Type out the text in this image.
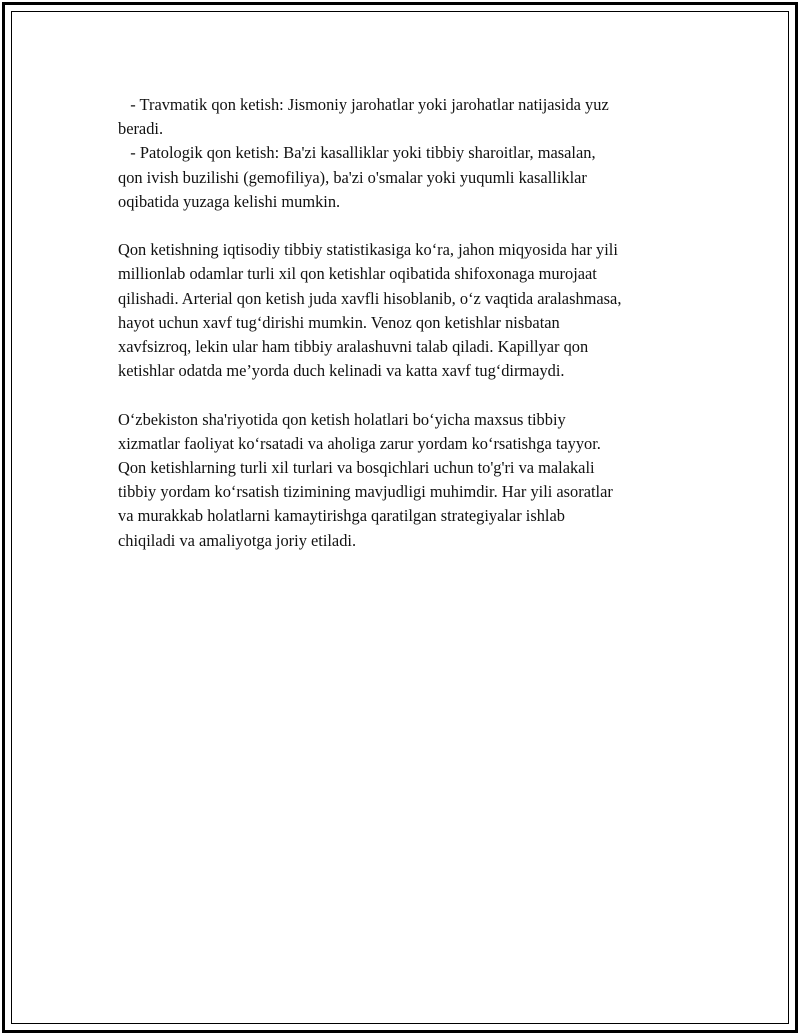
- Travmatik qon ketish: Jismoniy jarohatlar yoki jarohatlar natijasida yuz
beradi.
- Patologik qon ketish: Ba'zi kasalliklar yoki tibbiy sharoitlar, masalan,
qon ivish buzilishi (gemofiliya), ba'zi o'smalar yoki yuqumli kasalliklar
oqibatida yuzaga kelishi mumkin.
Qon ketishning iqtisodiy tibbiy statistikasiga ko‘ra, jahon miqyosida har yili
millionlab odamlar turli xil qon ketishlar oqibatida shifoxonaga murojaat
qilishadi. Arterial qon ketish juda xavfli hisoblanib, o‘z vaqtida aralashmasa,
hayot uchun xavf tug‘dirishi mumkin. Venoz qon ketishlar nisbatan
xavfsizroq, lekin ular ham tibbiy aralashuvni talab qiladi. Kapillyar qon
ketishlar odatda me’yorda duch kelinadi va katta xavf tug‘dirmaydi.
O‘zbekiston sha'riyotida qon ketish holatlari bo‘yicha maxsus tibbiy
xizmatlar faoliyat ko‘rsatadi va aholiga zarur yordam ko‘rsatishga tayyor.
Qon ketishlarning turli xil turlari va bosqichlari uchun to'g'ri va malakali
tibbiy yordam ko‘rsatish tizimining mavjudligi muhimdir. Har yili asoratlar
va murakkab holatlarni kamaytirishga qaratilgan strategiyalar ishlab
chiqiladi va amaliyotga joriy etiladi.
